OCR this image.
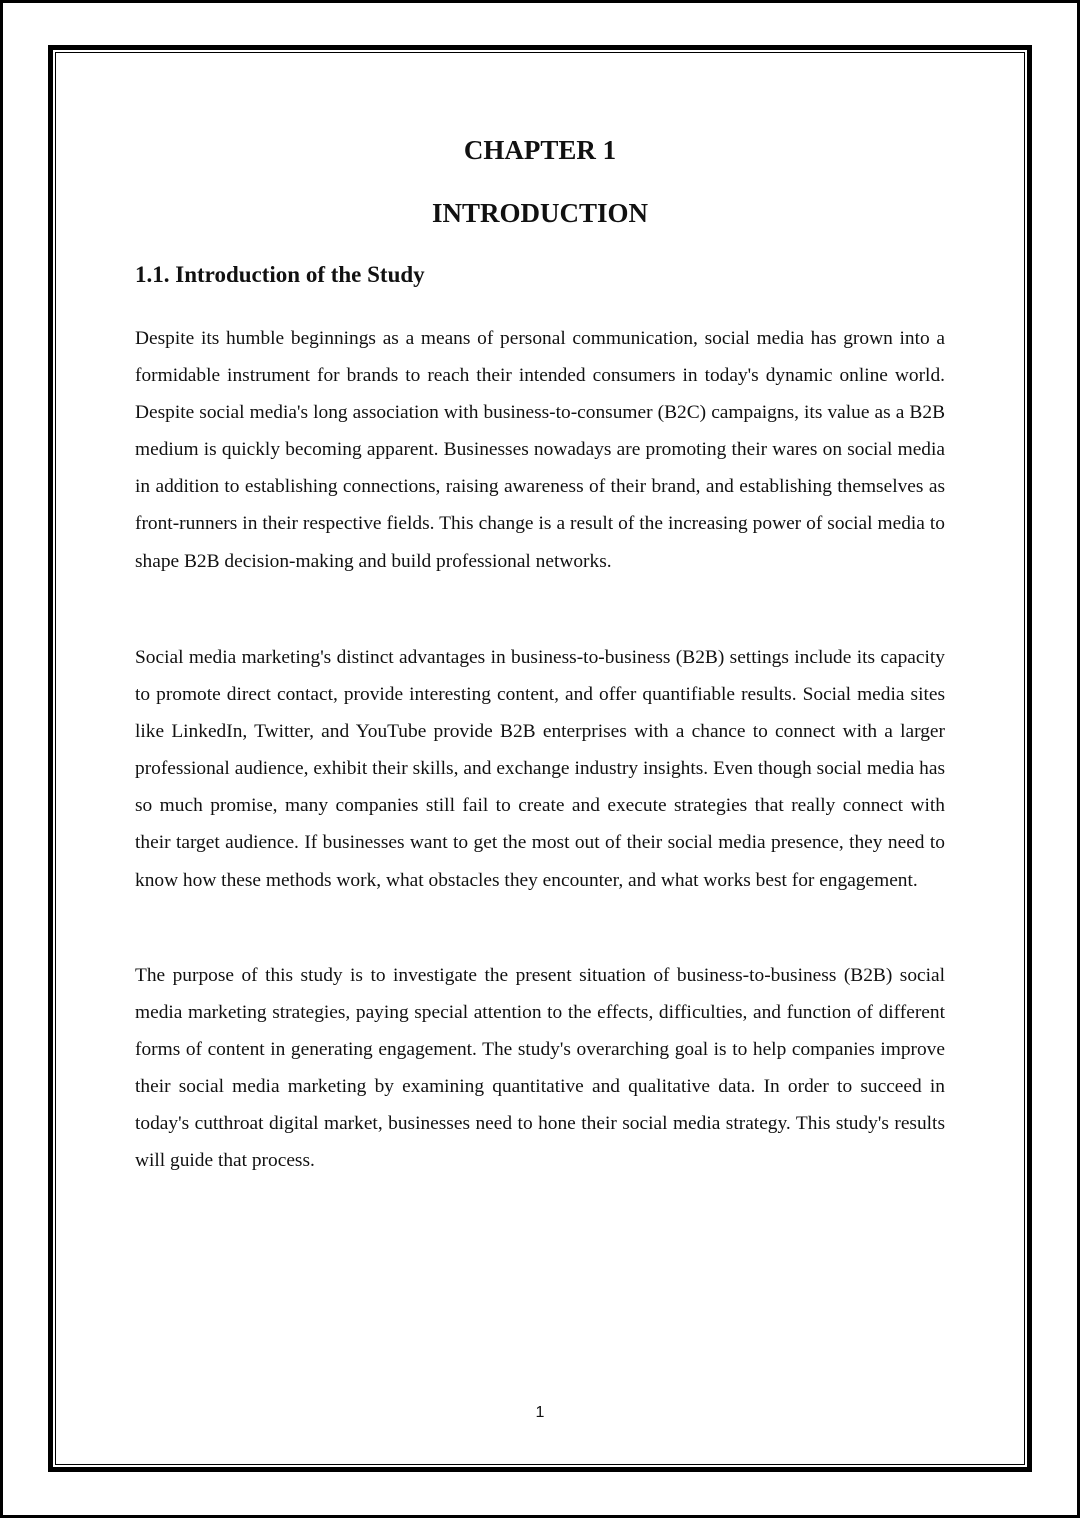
CHAPTER 1
INTRODUCTION
1.1. Introduction of the Study

Despite its humble beginnings as a means of personal communication, social media has grown into a formidable instrument for brands to reach their intended consumers in today's dynamic online world. Despite social media's long association with business-to-consumer (B2C) campaigns, its value as a B2B medium is quickly becoming apparent. Businesses nowadays are promoting their wares on social media in addition to establishing connections, raising awareness of their brand, and establishing themselves as front-runners in their respective fields. This change is a result of the increasing power of social media to shape B2B decision-making and build professional networks.

Social media marketing's distinct advantages in business-to-business (B2B) settings include its capacity to promote direct contact, provide interesting content, and offer quantifiable results. Social media sites like LinkedIn, Twitter, and YouTube provide B2B enterprises with a chance to connect with a larger professional audience, exhibit their skills, and exchange industry insights. Even though social media has so much promise, many companies still fail to create and execute strategies that really connect with their target audience. If businesses want to get the most out of their social media presence, they need to know how these methods work, what obstacles they encounter, and what works best for engagement.

The purpose of this study is to investigate the present situation of business-to-business (B2B) social media marketing strategies, paying special attention to the effects, difficulties, and function of different forms of content in generating engagement. The study's overarching goal is to help companies improve their social media marketing by examining quantitative and qualitative data. In order to succeed in today's cutthroat digital market, businesses need to hone their social media strategy. This study's results will guide that process.

1
